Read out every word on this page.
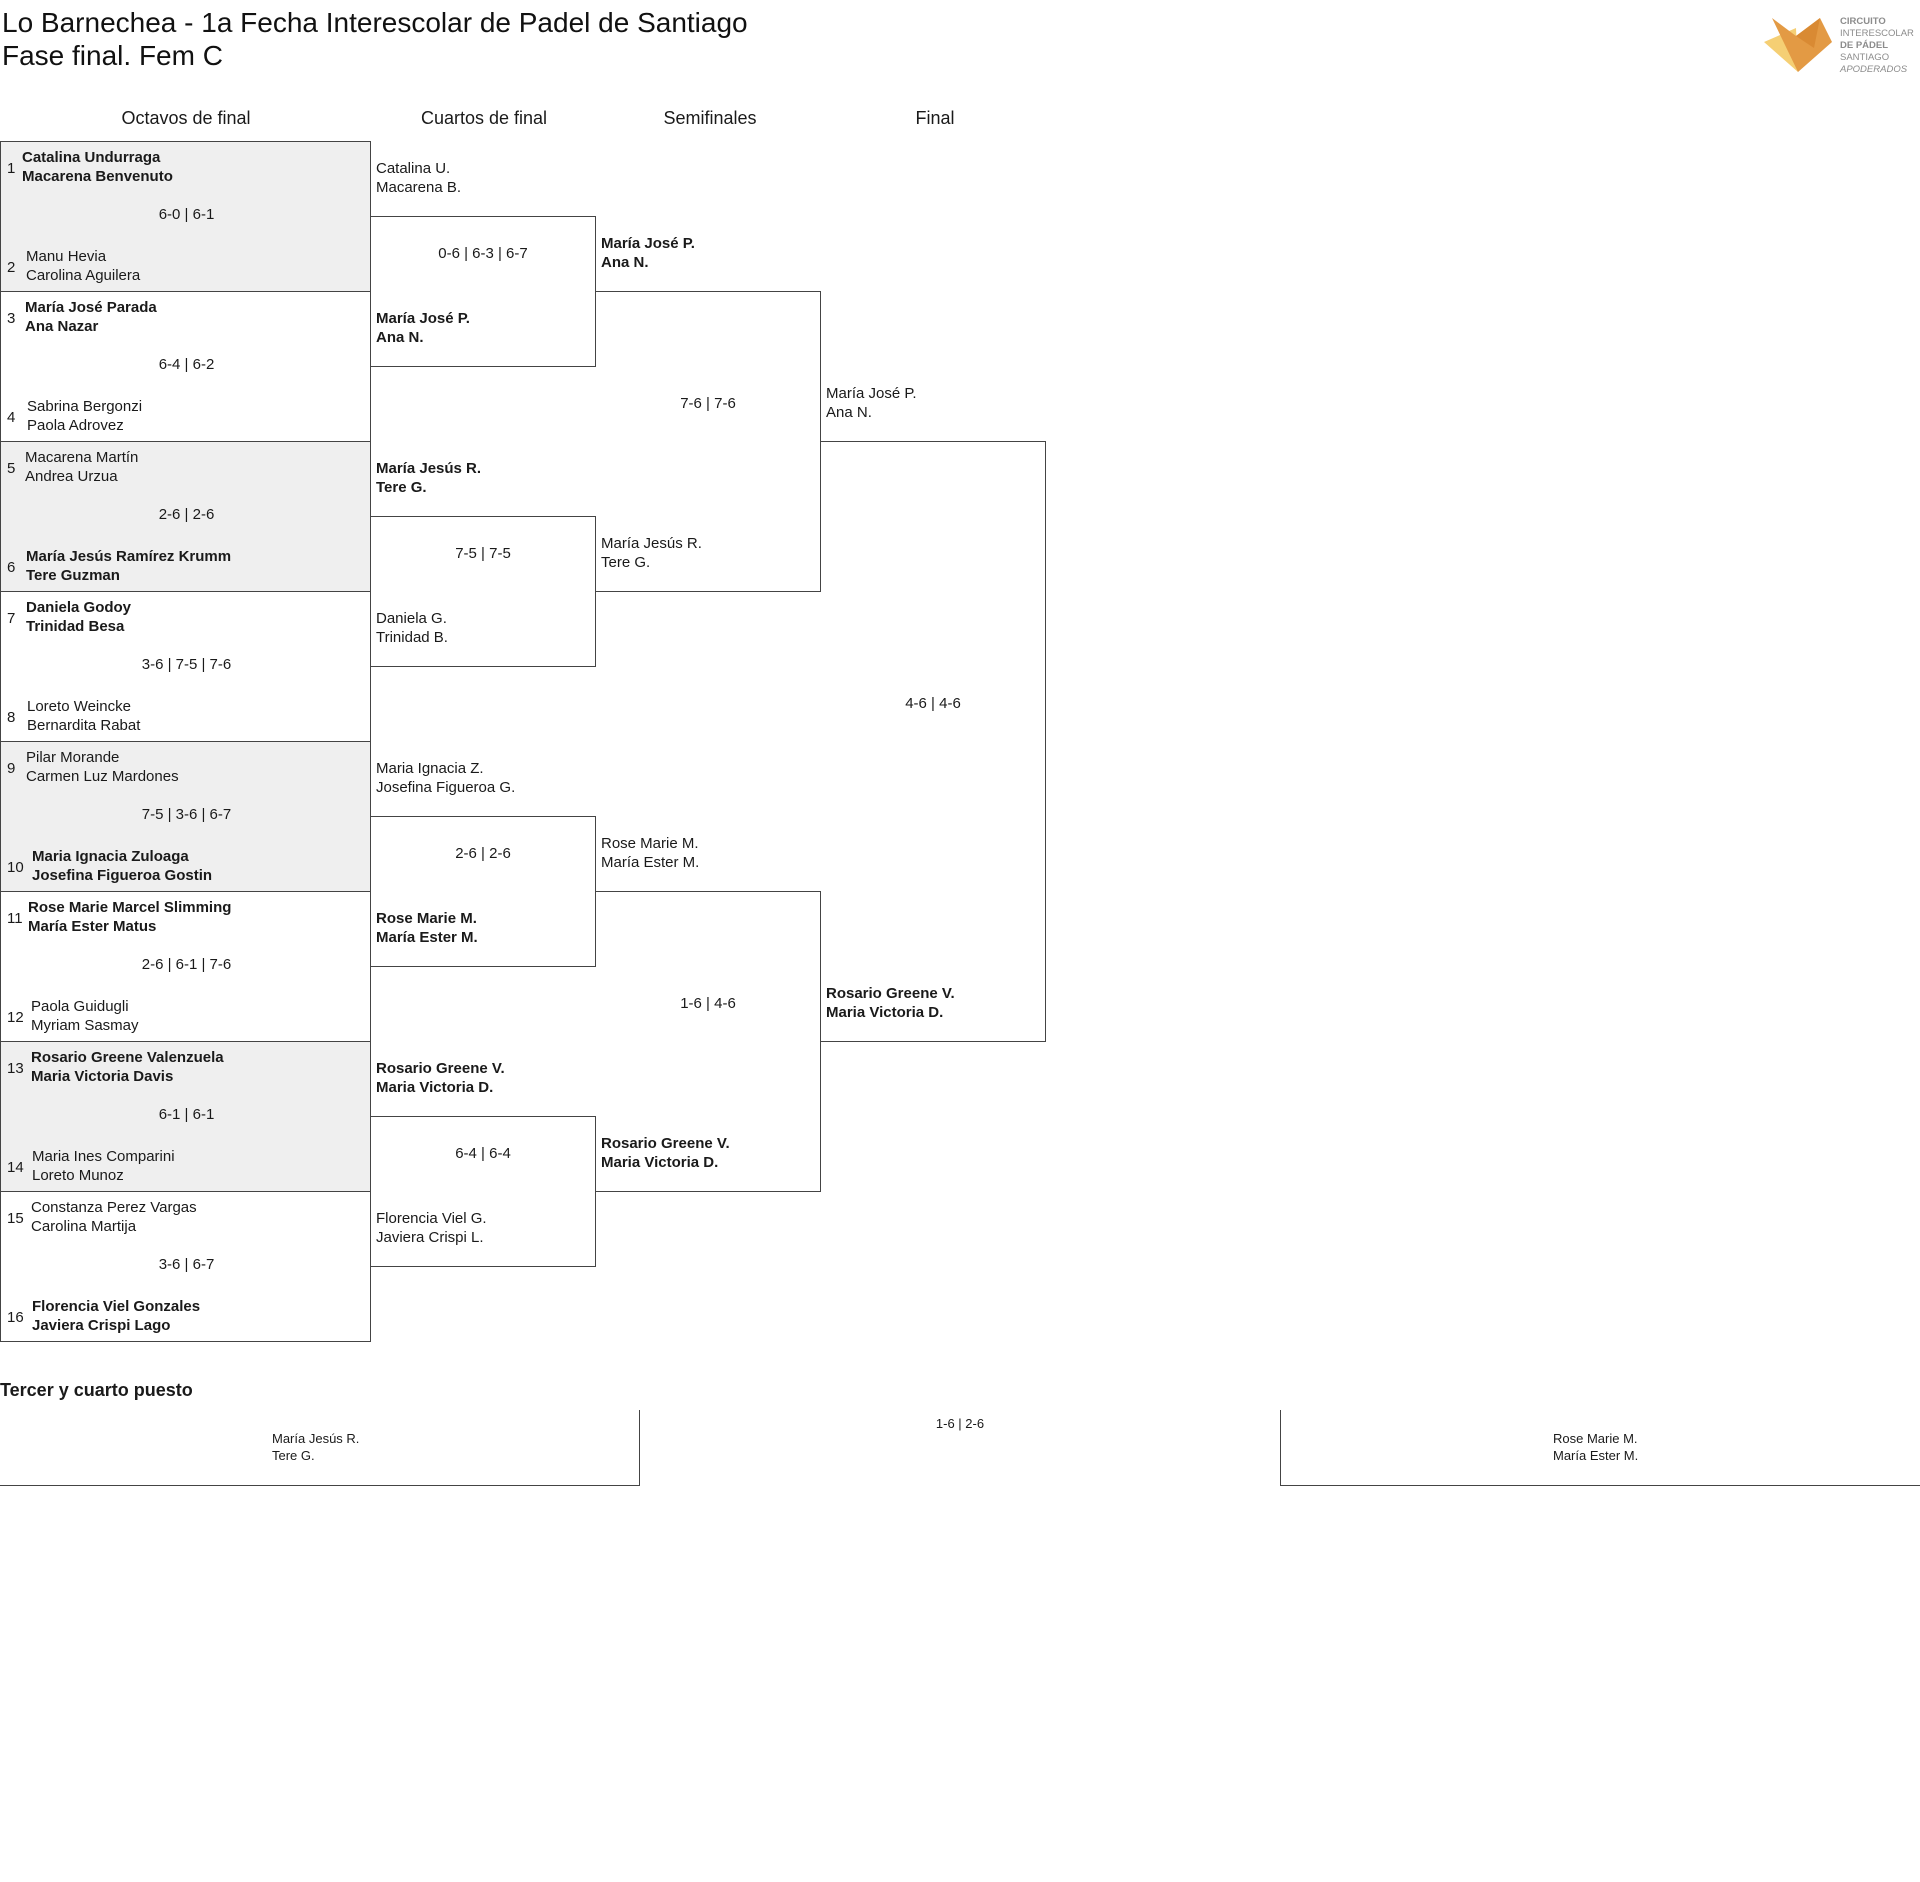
Lo Barnechea - 1a Fecha Interescolar de Padel de Santiago
Fase final. Fem C
CIRCUITO
INTERESCOLAR
DE PÁDEL
SANTIAGO
APODERADOS
Octavos de final	Cuartos de final	Semifinales	Final
1
Catalina Undurraga
Macarena Benvenuto
6-0 | 6-1
2
Manu Hevia
Carolina Aguilera
3
María José Parada
Ana Nazar
6-4 | 6-2
4
Sabrina Bergonzi
Paola Adrovez
5
Macarena Martín
Andrea Urzua
2-6 | 2-6
6
María Jesús Ramírez Krumm
Tere Guzman
7
Daniela Godoy
Trinidad Besa
3-6 | 7-5 | 7-6
8
Loreto Weincke
Bernardita Rabat
9
Pilar Morande
Carmen Luz Mardones
7-5 | 3-6 | 6-7
10
Maria Ignacia Zuloaga
Josefina Figueroa Gostin
11
Rose Marie Marcel Slimming
María Ester Matus
2-6 | 6-1 | 7-6
12
Paola Guidugli
Myriam Sasmay
13
Rosario Greene Valenzuela
Maria Victoria Davis
6-1 | 6-1
14
Maria Ines Comparini
Loreto Munoz
15
Constanza Perez Vargas
Carolina Martija
3-6 | 6-7
16
Florencia Viel Gonzales
Javiera Crispi Lago
Catalina U.
Macarena B.
0-6 | 6-3 | 6-7
María José P.
Ana N.
María Jesús R.
Tere G.
7-5 | 7-5
Daniela G.
Trinidad B.
Maria Ignacia Z.
Josefina Figueroa G.
2-6 | 2-6
Rose Marie M.
María Ester M.
Rosario Greene V.
Maria Victoria D.
6-4 | 6-4
Florencia Viel G.
Javiera Crispi L.
María José P.
Ana N.
7-6 | 7-6
María Jesús R.
Tere G.
Rose Marie M.
María Ester M.
1-6 | 4-6
Rosario Greene V.
Maria Victoria D.
María José P.
Ana N.
4-6 | 4-6
Rosario Greene V.
Maria Victoria D.
Tercer y cuarto puesto
María Jesús R.
Tere G.
1-6 | 2-6
Rose Marie M.
María Ester M.
